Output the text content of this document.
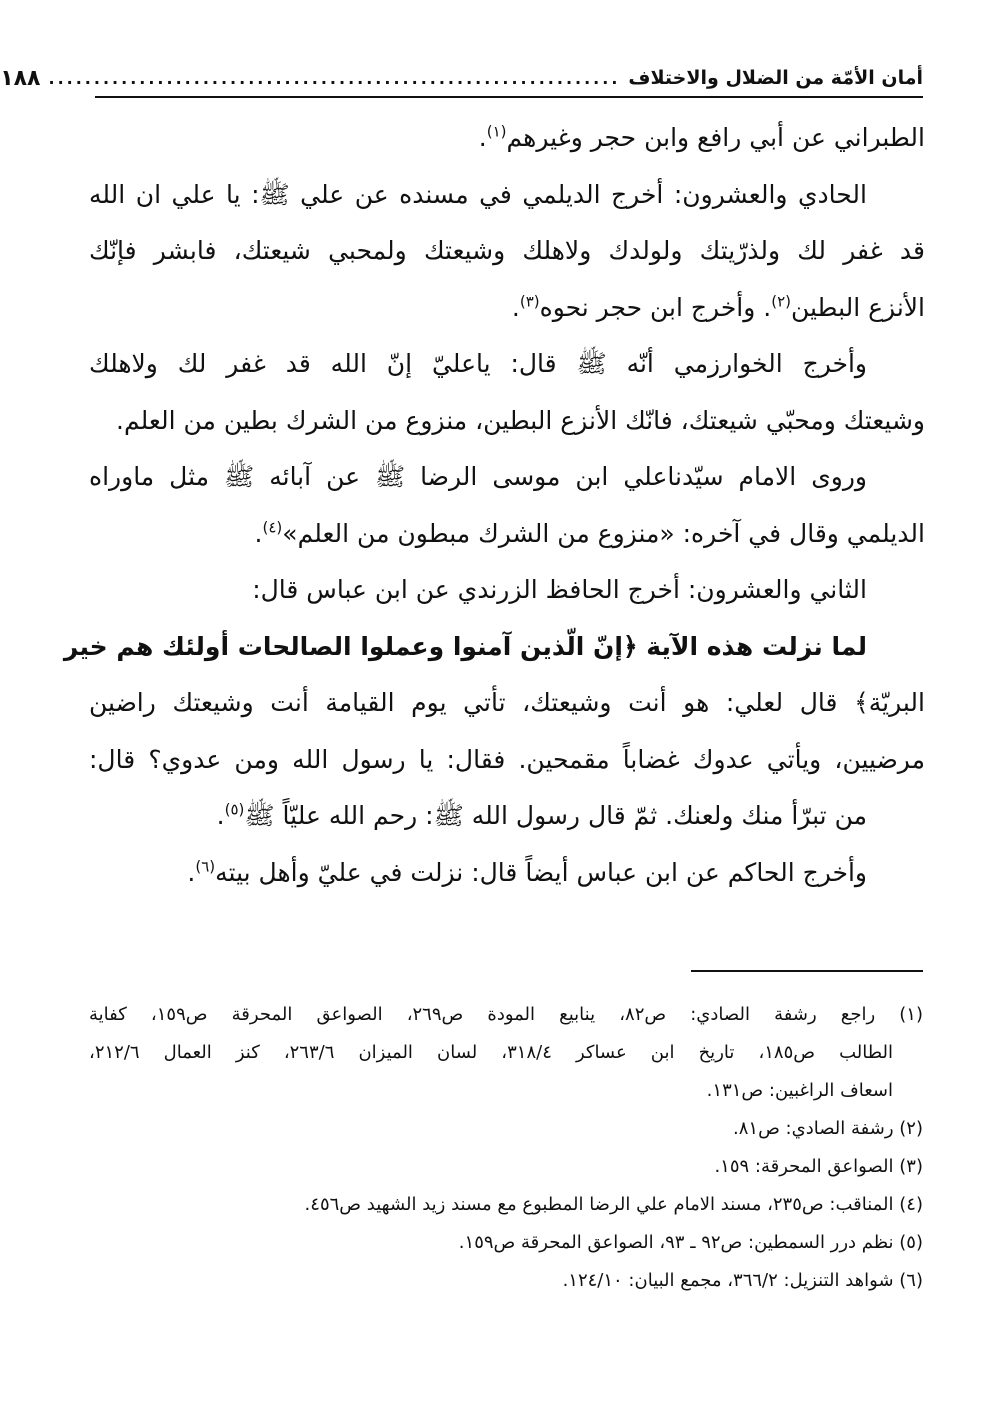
أمان الأمّة من الضلال والاختلاف
...............................................................
١٨٨
الطبراني عن أبي رافع وابن حجر وغيرهم$^{(١)}$.
الحادي والعشرون: أخرج الديلمي في مسنده عن علي ﷺ: يا علي ان الله
قد غفر لك ولذرّيتك ولولدك ولاهلك وشيعتك ولمحبي شيعتك، فابشر فإنّك
الأنزع البطين$^{(٢)}$. وأخرج ابن حجر نحوه$^{(٣)}$.
وأخرج الخوارزمي أنّه ﷺ قال: ياعليّ إنّ الله قد غفر لك ولاهلك
وشيعتك ومحبّي شيعتك، فانّك الأنزع البطين، منزوع من الشرك بطين من العلم.
وروى الامام سيّدناعلي ابن موسى الرضا ﷺ عن آبائه ﷺ مثل ماوراه
الديلمي وقال في آخره: «منزوع من الشرك مبطون من العلم»$^{(٤)}$.
الثاني والعشرون: أخرج الحافظ الزرندي عن ابن عباس قال:
لما نزلت هذه الآية ﴿إنّ الّذين آمنوا وعملوا الصالحات أولئك هم خير
البريّة﴾ قال لعلي: هو أنت وشيعتك، تأتي يوم القيامة أنت وشيعتك راضين
مرضيين، ويأتي عدوك غضاباً مقمحين. فقال: يا رسول الله ومن عدوي؟ قال:
من تبرّأ منك ولعنك. ثمّ قال رسول الله ﷺ: رحم الله عليّاً ﷺ$^{(٥)}$.
وأخرج الحاكم عن ابن عباس أيضاً قال: نزلت في عليّ وأهل بيته$^{(٦)}$.
(١) راجع رشفة الصادي: ص٨٢، ينابيع المودة ص٢٦٩، الصواعق المحرقة ص١٥٩، كفاية
الطالب ص١٨٥، تاريخ ابن عساكر ٣١٨/٤، لسان الميزان ٢٦٣/٦، كنز العمال ٢١٢/٦،
اسعاف الراغبين: ص١٣١.
(٢) رشفة الصادي: ص٨١.
(٣) الصواعق المحرقة: ١٥٩.
(٤) المناقب: ص٢٣٥، مسند الامام علي الرضا المطبوع مع مسند زيد الشهيد ص٤٥٦.
(٥) نظم درر السمطين: ص٩٢ ـ ٩٣، الصواعق المحرقة ص١٥٩.
(٦) شواهد التنزيل: ٣٦٦/٢، مجمع البيان: ١٢٤/١٠.
